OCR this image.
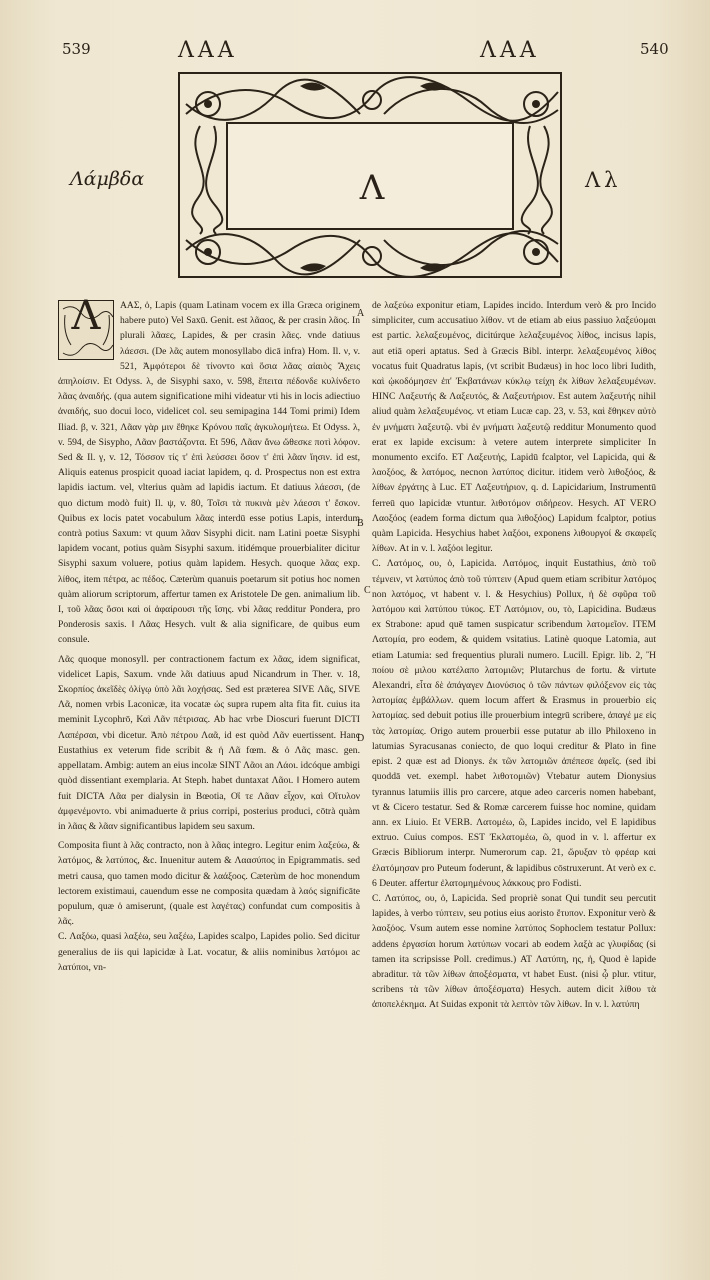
539	ΛΑΑ	ΛΑΑ	540
Λάμβδα	Λ	Λλ
A
B
C
D
Λ	ΑΑΣ, ὁ, Lapis (quam Latinam vocem ex illa Græca originem habere puto) Vel Saxū. Genit. est λᾶαος, & per crasin λᾶος. In plurali λᾶαες, Lapides, & per crasin λᾶες. vnde datiuus λάεσσι. (De λᾶς autem monosyllabo dicā infra) Hom. Il. ν, v. 521, Ἀμφότεροι δὲ τίνοντο καὶ ὅσια λᾶας αἰαιὸς Ἄχεις ἀπηλοίσιν. Et Odyss. λ, de Sisyphi saxo, v. 598, ἔπειτα πέδονδε κυλίνδετο λᾶας ἀναιδής. (qua autem significatione mihi videatur vti his in locis adiectiuo ἀναιδής, suo docui loco, videlicet col. seu semipagina 144 Tomi primi) Idem Iliad. β, v. 321, Λᾶαν γὰρ μιν ἔθηκε Κρόνου παῖς ἀγκυλομήτεω. Et Odyss. λ, v. 594, de Sisypho, Λᾶαν βαστάζοντα. Et 596, Λᾶαν ἄνω ὤθεσκε ποτὶ λόφον. Sed & Il. γ, v. 12, Τόσσον τίς τ' ἐπὶ λεύσσει ὅσον τ' ἐπὶ λᾶαν ἵησιν. id est, Aliquis eatenus prospicit quoad iaciat lapidem, q. d. Prospectus non est extra lapidis iactum. vel, vlterius quàm ad lapidis iactum. Et datiuus λάεσσι, (de quo dictum modò fuit) Il. ψ, v. 80, Τοῖσι τὰ πυκινὰ μὲν λάεσσι τ' ἔσκον. Quibus ex locis patet vocabulum λᾶας interdū esse potius Lapis, interdum contrà potius Saxum: vt quum λᾶαν Sisyphi dicit. nam Latini poetæ Sisyphi lapidem vocant, potius quàm Sisyphi saxum. itidémque prouerbialiter dicitur Sisyphi saxum voluere, potius quàm lapidem. Hesych. quoque λᾶας exp. λίθος, item πέτρα, ac πέδος. Cæterùm quanuis poetarum sit potius hoc nomen quàm aliorum scriptorum, affertur tamen ex Aristotele De gen. animalium lib. I, τοῦ λᾶας ὅσοι καὶ οἱ ἀφαίρουσι τῆς ἴσης. vbi λᾶας redditur Pondera, pro Ponderosis saxis. ‖ Λᾶας Hesych. vult & alia significare, de quibus eum consule.

Λᾶς quoque monosyll. per contractionem factum ex λᾶας, idem significat, videlicet Lapis, Saxum. vnde λᾶι datiuus apud Nicandrum in Ther. v. 18, Σκορπίος ἀκεῖδὲς ὀλίγῳ ὑπὸ λᾶι λοχήσας. Sed est præterea SIVE Λᾶς, SIVE Λᾶ, nomen vrbis Laconicæ, ita vocatæ ὡς supra rupem alta fita fit. cuius ita meminit Lycophrō, Καὶ Λᾶν πέτρισας. Ab hac vrbe Dioscuri fuerunt DICTI Λαπέρσαι, vbi dicetur. Ἀπὸ πέτρου Λαᾶ, id est quòd Λᾶν euertissent. Hanc Eustathius ex veterum fide scribit & ἡ Λᾶ fœm. & ὁ Λᾶς masc. gen. appellatam. Ambig: autem an eius incolæ SINT Λᾶοι an Λάοι. idcóque ambigi quòd dissentiant exemplaria. At Steph. habet duntaxat Λᾶοι. ‖ Homero autem fuit DICTA Λᾶα per dialysin in Bœotia, Οἳ τε Λᾶαν εἶχον, καὶ Οἴτυλον ἀμφενέμοντο. vbi animaduerte ᾶ prius corripi, posterius produci, cōtrà quàm in λᾶας & λᾶαν significantibus lapidem seu saxum.

Composita fiunt à λᾶς contracto, non à λᾶας integro. Legitur enim λαξεύω, & λατόμος, & λατύπος, &c. Inuenitur autem & Λαασύπος in Epigrammatis. sed metri causa, quo tamen modo dicitur & λαάξοος. Cæterùm de hoc monendum lectorem existimaui, cauendum esse ne composita quædam à λαός significāte populum, quæ ὁ amiserunt, (quale est λαγέτας) confundat cum compositis à λᾶς.

C. Λαξόω, quasi λαξέω, seu λαξέω, Lapides scalpo, Lapides polio. Sed dicitur generalius de iis qui lapicidæ à Lat. vocatur, & aliis nominibus λατόμοι ac λατύποι, vn-

de λαξεύω exponitur etiam, Lapides incido. Interdum verò & pro Incido simpliciter, cum accusatiuo λίθον. vt de etiam ab eius passiuo λαξεύομαι est partic. λελαξευμένος, dicitúrque λελαξευμένος λίθος, incisus lapis, aut etiā operi aptatus. Sed à Græcis Bibl. interpr. λελαξευμένος λίθος vocatus fuit Quadratus lapis, (vt scribit Budæus) in hoc loco libri Iudith, καὶ ᾠκοδόμησεν ἐπ' Ἐκβατάνων κύκλῳ τείχη ἐκ λίθων λελαξευμένων. HINC Λαξευτής & Λαξευτός, & Λαξευτήριον. Est autem λαξευτής nihil aliud quàm λελαξευμένος. vt etiam Lucæ cap. 23, v. 53, καὶ ἔθηκεν αὐτὸ ἐν μνήματι λαξευτῷ. vbi ἐν μνήματι λαξευτῷ redditur Monumento quod erat ex lapide excisum: à vetere autem interprete simpliciter In monumento excifo. ET Λαξευτής, Lapidū fcalptor, vel Lapicida, qui & λαοξόος, & λατόμος, necnon λατύπος dicitur. itidem verò λιθοξόος, & λίθων ἐργάτης à Luc. ET Λαξευτήριον, q. d. Lapicidarium, Instrumentū ferreū quo lapicidæ vtuntur. λιθοτόμον σιδήρεον. Hesych. AT VERO Λαοξόος (eadem forma dictum qua λιθοξόος) Lapidum fcalptor, potius quàm Lapicida. Hesychius habet λαξόοι, exponens λιθουργοί & σκαφεῖς λίθων. At in v. l. λαξόοι legitur.

C. Λατόμος, ου, ὁ, Lapicida. Λατόμος, inquit Eustathius, ἀπὸ τοῦ τέμνειν, vt λατύπος ἀπὸ τοῦ τύπτειν (Apud quem etiam scribitur λατόμος non λατόμος, vt habent v. l. & Hesychius) Pollux, ἡ δὲ σφῦρα τοῦ λατόμου καὶ λατύπου τύκος. ET Λατόμιον, ου, τὸ, Lapicidina. Budæus ex Strabone: apud quē tamen suspicatur scribendum λατομεῖον. ITEM Λατομία, pro eodem, & quidem vsitatius. Latinè quoque Latomia, aut etiam Latumia: sed frequentius plurali numero. Lucill. Epigr. lib. 2, Ἢ ποίου σὲ μιλου κατέλαπο λατομιῶν; Plutarchus de fortu. & virtute Alexandri, εἶτα δὲ ἀπάγαγεν Διονύσιος ὁ τῶν πάντων φιλόξενον εἰς τὰς λατομίας ἐμβάλλων. quem locum affert & Erasmus in prouerbio εἰς λατομίας. sed debuit potius ille prouerbium integrū scribere, ἀπαγέ με εἰς τὰς λατομίας. Origo autem prouerbii esse putatur ab illo Philoxeno in latumias Syracusanas coniecto, de quo loqui creditur & Plato in fine epist. 2 quæ est ad Dionys. ἐκ τῶν λατομιῶν ἀπέπεσε ἀφεῖς. (sed ibi quoddā vet. exempl. habet λιθοτομιῶν) Vtebatur autem Dionysius tyrannus latumiis illis pro carcere, atque adeo carceris nomen habebant, vt & Cicero testatur. Sed & Romæ carcerem fuisse hoc nomine, quidam ann. ex Liuio. Et VERB. Λατομέω, ῶ, Lapides incido, vel E lapidibus extruo. Cuius compos. EST Ἐκλατομέω, ῶ, quod in v. l. affertur ex Græcis Bibliorum interpr. Numerorum cap. 21, ὤρυξαν τὸ φρέαρ καὶ ἐλατόμησαν pro Puteum foderunt, & lapidibus cōstruxerunt. At verò ex c. 6 Deuter. affertur ἐλατομημένους λάκκους pro Fodisti.

C. Λατύπος, ου, ὁ, Lapicida. Sed propriè sonat Qui tundit seu percutit lapides, à verbo τύπτειν, seu potius eius aoristo ἔτυπον. Exponitur verò & λαοξόος. Vsum autem esse nomine λατύπος Sophoclem testatur Pollux: addens ἐργασίαι horum λατύπων vocari ab eodem λαξὰ ac γλυφίδας (si tamen ita scripsisse Poll. credimus.) AT Λατύπη, ης, ἡ, Quod è lapide abraditur. τὰ τῶν λίθων ἀποξέσματα, vt habet Eust. (nisi ᾧ plur. vtitur, scribens τὰ τῶν λίθων ἀποξέσματα) Hesych. autem dicit λίθου τὰ ἀποπελέκημα. At Suidas exponit τὰ λεπτὸν τῶν λίθων. In v. l. λατύπη
